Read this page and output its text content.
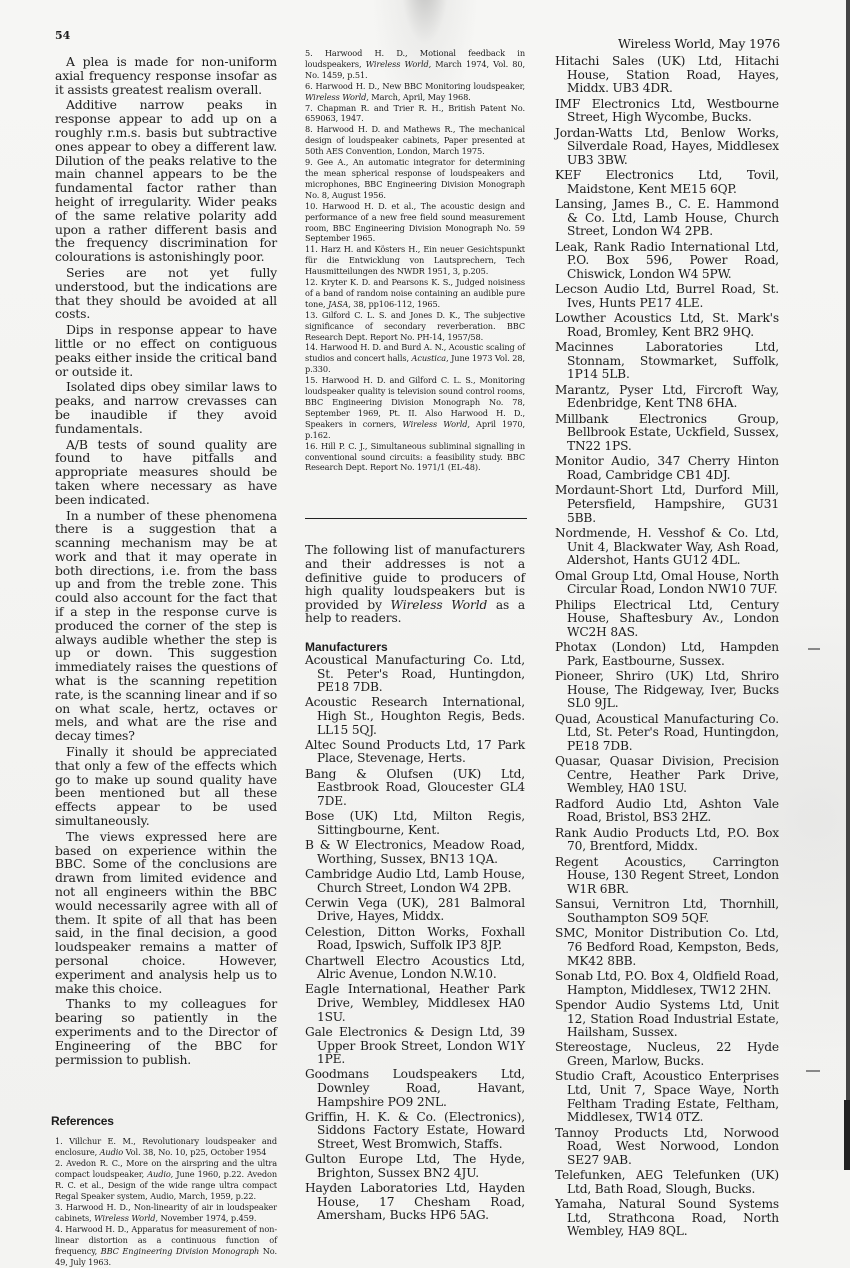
54
Wireless World, May 1976

A plea is made for non-uniform axial frequency response insofar as it assists greatest realism overall.

Additive narrow peaks in response appear to add up on a roughly r.m.s. basis but subtractive ones appear to obey a different law. Dilution of the peaks relative to the main channel appears to be the fundamental factor rather than height of irregularity. Wider peaks of the same relative polarity add upon a rather different basis and the frequency discrimination for colourations is astonishingly poor.

Series are not yet fully understood, but the indications are that they should be avoided at all costs.

Dips in response appear to have little or no effect on contiguous peaks either inside the critical band or outside it.

Isolated dips obey similar laws to peaks, and narrow crevasses can be inaudible if they avoid fundamentals.

A/B tests of sound quality are found to have pitfalls and appropriate measures should be taken where necessary as have been indicated.

In a number of these phenomena there is a suggestion that a scanning mechanism may be at work and that it may operate in both directions, i.e. from the bass up and from the treble zone. This could also account for the fact that if a step in the response curve is produced the corner of the step is always audible whether the step is up or down. This suggestion immediately raises the questions of what is the scanning repetition rate, is the scanning linear and if so on what scale, hertz, octaves or mels, and what are the rise and decay times?

Finally it should be appreciated that only a few of the effects which go to make up sound quality have been mentioned but all these effects appear to be used simultaneously.

The views expressed here are based on experience within the BBC. Some of the conclusions are drawn from limited evidence and not all engineers within the BBC would necessarily agree with all of them. It spite of all that has been said, in the final decision, a good loudspeaker remains a matter of personal choice. However, experiment and analysis help us to make this choice.

Thanks to my colleagues for bearing so patiently in the experiments and to the Director of Engineering of the BBC for permission to publish.

References

1. Villchur E. M., Revolutionary loudspeaker and enclosure, Audio Vol. 38, No. 10, p25, October 1954

2. Avedon R. C., More on the airspring and the ultra compact loudspeaker, Audio, June 1960, p.22. Avedon R. C. et al., Design of the wide range ultra compact Regal Speaker system, Audio, March, 1959, p.22.

3. Harwood H. D., Non-linearity of air in loudspeaker cabinets, Wireless World, November 1974, p.459.

4. Harwood H. D., Apparatus for measurement of non-linear distortion as a continuous function of frequency, BBC Engineering Division Monograph No. 49, July 1963.

5. Harwood H. D., Motional feedback in loudspeakers, Wireless World, March 1974, Vol. 80, No. 1459, p.51.

6. Harwood H. D., New BBC Monitoring loudspeaker, Wireless World, March, April, May 1968.

7. Chapman R. and Trier R. H., British Patent No. 659063, 1947.

8. Harwood H. D. and Mathews R., The mechanical design of loudspeaker cabinets, Paper presented at 50th AES Convention, London, March 1975.

9. Gee A., An automatic integrator for determining the mean spherical response of loudspeakers and microphones, BBC Engineering Division Monograph No. 8, August 1956.

10. Harwood H. D. et al., The acoustic design and performance of a new free field sound measurement room, BBC Engineering Division Monograph No. 59 September 1965.

11. Harz H. and Kösters H., Ein neuer Gesichtspunkt für die Entwicklung von Lautsprechern, Tech Hausmitteilungen des NWDR 1951, 3, p.205.

12. Kryter K. D. and Pearsons K. S., Judged noisiness of a band of random noise containing an audible pure tone, JASA, 38, pp106-112, 1965.

13. Gilford C. L. S. and Jones D. K., The subjective significance of secondary reverberation. BBC Research Dept. Report No. PH-14, 1957/58.

14. Harwood H. D. and Burd A. N., Acoustic scaling of studios and concert halls, Acustica, June 1973 Vol. 28, p.330.

15. Harwood H. D. and Gilford C. L. S., Monitoring loudspeaker quality is television sound control rooms, BBC Engineering Division Monograph No. 78, September 1969, Pt. II. Also Harwood H. D., Speakers in corners, Wireless World, April 1970, p.162.

16. Hill P. C. J., Simultaneous subliminal signalling in conventional sound circuits: a feasibility study. BBC Research Dept. Report No. 1971/1 (EL-48).

The following list of manufacturers and their addresses is not a definitive guide to producers of high quality loudspeakers but is provided by Wireless World as a help to readers.

Manufacturers

Acoustical Manufacturing Co. Ltd, St. Peter's Road, Huntingdon, PE18 7DB.

Acoustic Research International, High St., Houghton Regis, Beds. LL15 5QJ.

Altec Sound Products Ltd, 17 Park Place, Stevenage, Herts.

Bang & Olufsen (UK) Ltd, Eastbrook Road, Gloucester GL4 7DE.

Bose (UK) Ltd, Milton Regis, Sittingbourne, Kent.

B & W Electronics, Meadow Road, Worthing, Sussex, BN13 1QA.

Cambridge Audio Ltd, Lamb House, Church Street, London W4 2PB.

Cerwin Vega (UK), 281 Balmoral Drive, Hayes, Middx.

Celestion, Ditton Works, Foxhall Road, Ipswich, Suffolk IP3 8JP.

Chartwell Electro Acoustics Ltd, Alric Avenue, London N.W.10.

Eagle International, Heather Park Drive, Wembley, Middlesex HA0 1SU.

Gale Electronics & Design Ltd, 39 Upper Brook Street, London W1Y 1PE.

Goodmans Loudspeakers Ltd, Downley Road, Havant, Hampshire PO9 2NL.

Griffin, H. K. & Co. (Electronics), Siddons Factory Estate, Howard Street, West Bromwich, Staffs.

Gulton Europe Ltd, The Hyde, Brighton, Sussex BN2 4JU.

Hayden Laboratories Ltd, Hayden House, 17 Chesham Road, Amersham, Bucks HP6 5AG.

Hitachi Sales (UK) Ltd, Hitachi House, Station Road, Hayes, Middx. UB3 4DR.

IMF Electronics Ltd, Westbourne Street, High Wycombe, Bucks.

Jordan-Watts Ltd, Benlow Works, Silverdale Road, Hayes, Middlesex UB3 3BW.

KEF Electronics Ltd, Tovil, Maidstone, Kent ME15 6QP.

Lansing, James B., C. E. Hammond & Co. Ltd, Lamb House, Church Street, London W4 2PB.

Leak, Rank Radio International Ltd, P.O. Box 596, Power Road, Chiswick, London W4 5PW.

Lecson Audio Ltd, Burrel Road, St. Ives, Hunts PE17 4LE.

Lowther Acoustics Ltd, St. Mark's Road, Bromley, Kent BR2 9HQ.

Macinnes Laboratories Ltd, Stonnam, Stowmarket, Suffolk, 1P14 5LB.

Marantz, Pyser Ltd, Fircroft Way, Edenbridge, Kent TN8 6HA.

Millbank Electronics Group, Bellbrook Estate, Uckfield, Sussex, TN22 1PS.

Monitor Audio, 347 Cherry Hinton Road, Cambridge CB1 4DJ.

Mordaunt-Short Ltd, Durford Mill, Petersfield, Hampshire, GU31 5BB.

Nordmende, H. Vesshof & Co. Ltd, Unit 4, Blackwater Way, Ash Road, Aldershot, Hants GU12 4DL.

Omal Group Ltd, Omal House, North Circular Road, London NW10 7UF.

Philips Electrical Ltd, Century House, Shaftesbury Av., London WC2H 8AS.

Photax (London) Ltd, Hampden Park, Eastbourne, Sussex.

Pioneer, Shriro (UK) Ltd, Shriro House, The Ridgeway, Iver, Bucks SL0 9JL.

Quad, Acoustical Manufacturing Co. Ltd, St. Peter's Road, Huntingdon, PE18 7DB.

Quasar, Quasar Division, Precision Centre, Heather Park Drive, Wembley, HA0 1SU.

Radford Audio Ltd, Ashton Vale Road, Bristol, BS3 2HZ.

Rank Audio Products Ltd, P.O. Box 70, Brentford, Middx.

Regent Acoustics, Carrington House, 130 Regent Street, London W1R 6BR.

Sansui, Vernitron Ltd, Thornhill, Southampton SO9 5QF.

SMC, Monitor Distribution Co. Ltd, 76 Bedford Road, Kempston, Beds, MK42 8BB.

Sonab Ltd, P.O. Box 4, Oldfield Road, Hampton, Middlesex, TW12 2HN.

Spendor Audio Systems Ltd, Unit 12, Station Road Industrial Estate, Hailsham, Sussex.

Stereostage, Nucleus, 22 Hyde Green, Marlow, Bucks.

Studio Craft, Acoustico Enterprises Ltd, Unit 7, Space Waye, North Feltham Trading Estate, Feltham, Middlesex, TW14 0TZ.

Tannoy Products Ltd, Norwood Road, West Norwood, London SE27 9AB.

Telefunken, AEG Telefunken (UK) Ltd, Bath Road, Slough, Bucks.

Yamaha, Natural Sound Systems Ltd, Strathcona Road, North Wembley, HA9 8QL.
